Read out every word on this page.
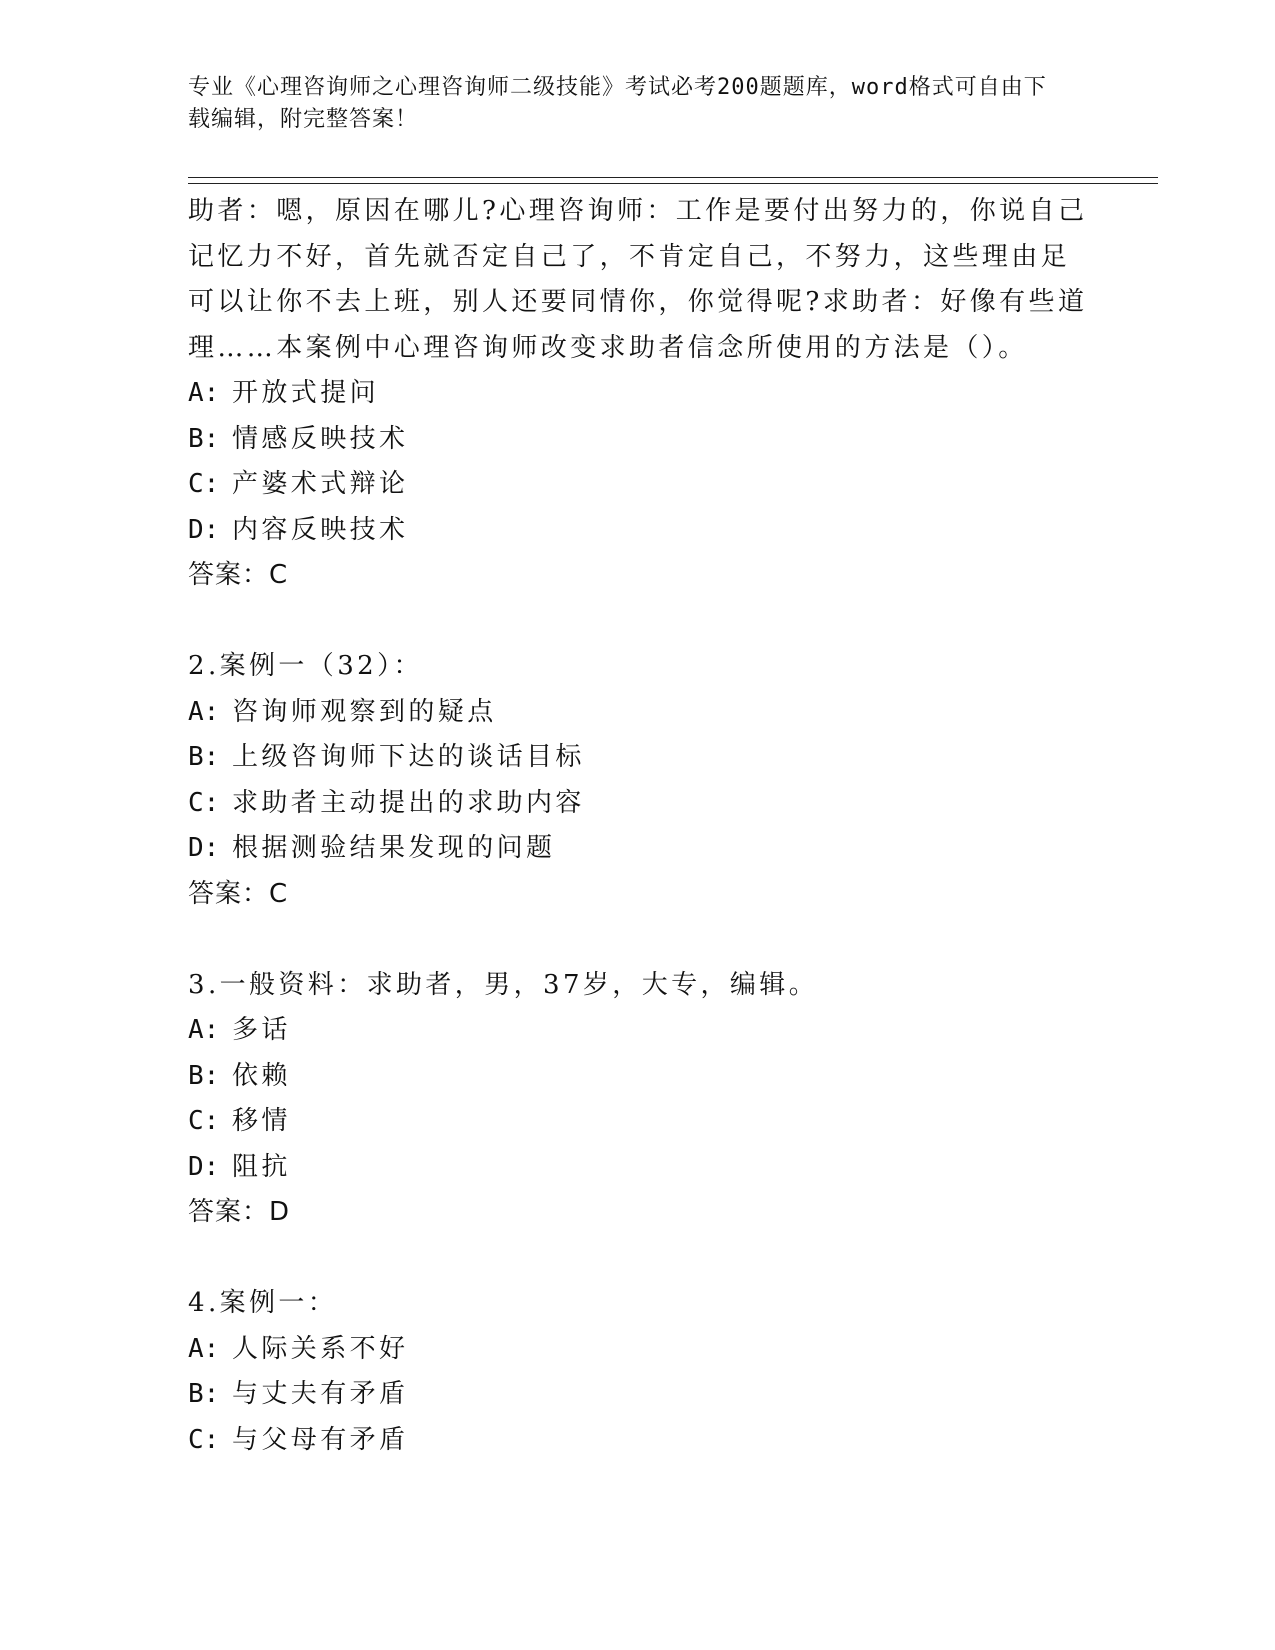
专业《心理咨询师之心理咨询师二级技能》考试必考200题题库，word格式可自由下载编辑，附完整答案！

助者：嗯，原因在哪儿?心理咨询师：工作是要付出努力的，你说自己记忆力不好，首先就否定自己了，不肯定自己，不努力，这些理由足可以让你不去上班，别人还要同情你，你觉得呢?求助者：好像有些道理……本案例中心理咨询师改变求助者信念所使用的方法是（）。

A: 开放式提问

B: 情感反映技术

C: 产婆术式辩论

D: 内容反映技术

答案：C

2.案例一（32）：

A: 咨询师观察到的疑点

B: 上级咨询师下达的谈话目标

C: 求助者主动提出的求助内容

D: 根据测验结果发现的问题

答案：C

3.一般资料：求助者，男，37岁，大专，编辑。

A: 多话

B: 依赖

C: 移情

D: 阻抗

答案：D

4.案例一：

A: 人际关系不好

B: 与丈夫有矛盾

C: 与父母有矛盾
